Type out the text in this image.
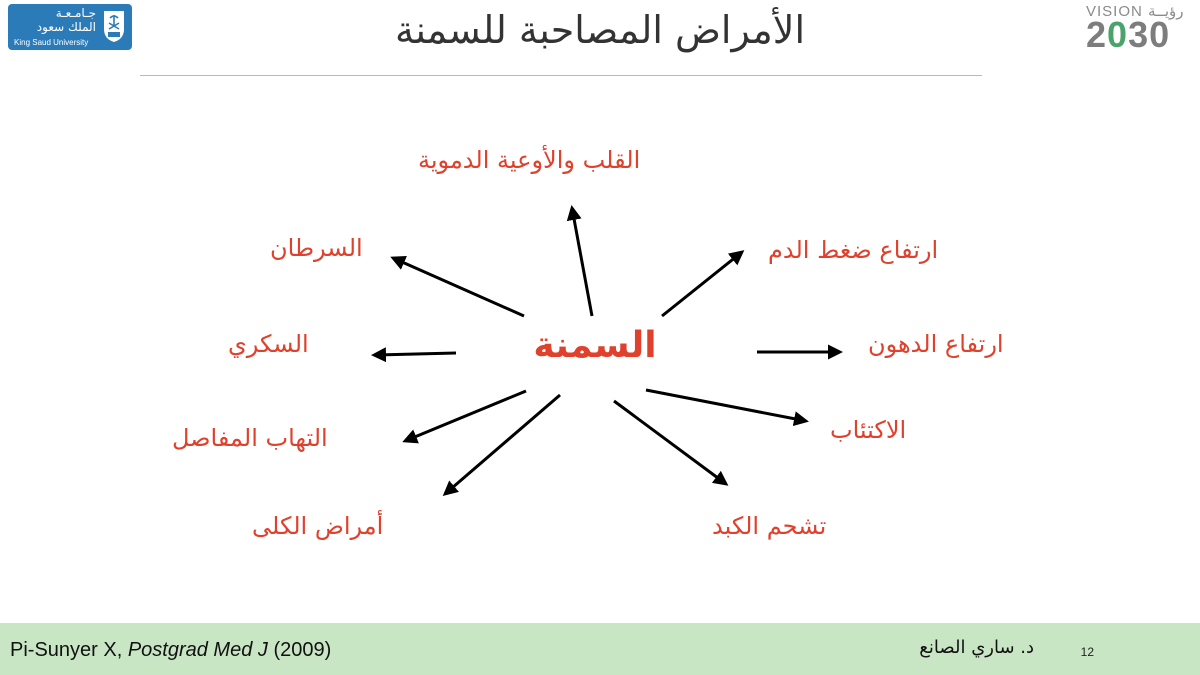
جـامـعـة
الملك سعود
King Saud University	الأمراض المصاحبة للسمنة	VISION رؤيــة
2030
السمنة
القلب والأوعية الدموية
ارتفاع ضغط الدم
السرطان
ارتفاع الدهون
السكري
الاكتئاب
التهاب المفاصل
أمراض الكلى	تشحم الكبد
Pi-Sunyer X, Postgrad Med J (2009)	د. ساري الصانع	12
